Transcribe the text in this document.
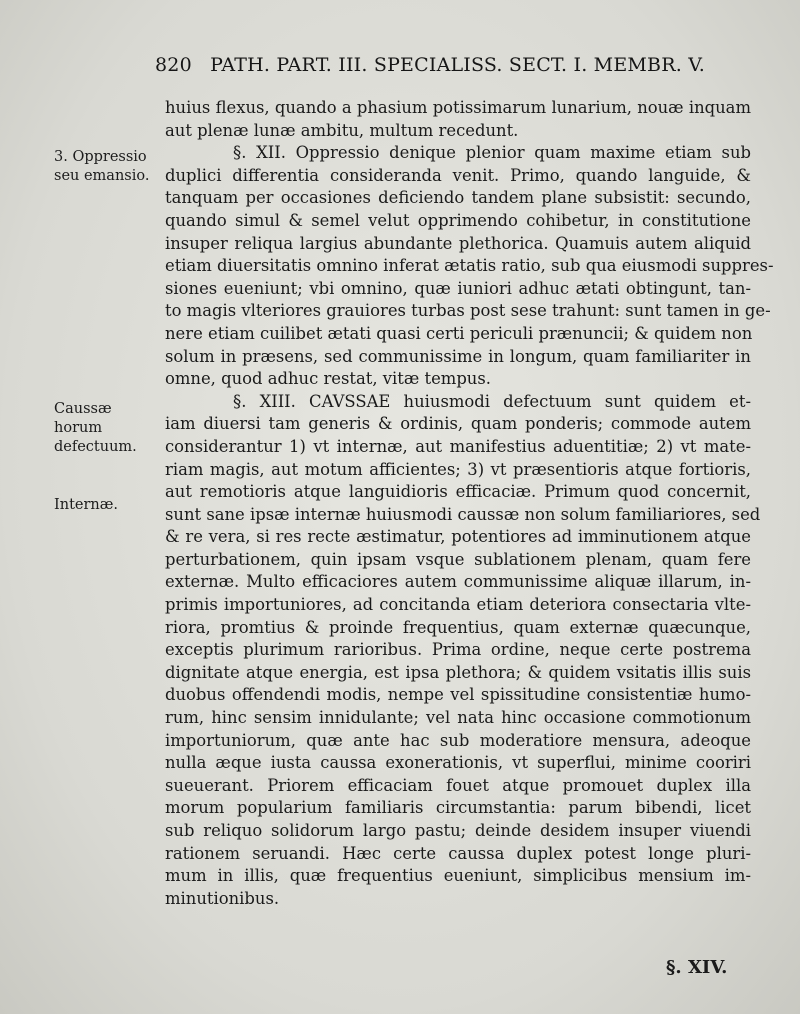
820 PATH. PART. III. SPECIALISS. SECT. I. MEMBR. V.
3. Oppressio
seu emansio.
Caussæ horum
defectuum.
Internæ.
huius flexus, quando a phasium potissimarum lunarium, nouæ inquam
aut plenæ lunæ ambitu, multum recedunt.
§. XII. Oppressio denique plenior quam maxime etiam sub
duplici differentia consideranda venit. Primo, quando languide, &
tanquam per occasiones deficiendo tandem plane subsistit: secundo,
quando simul & semel velut opprimendo cohibetur, in constitutione
insuper reliqua largius abundante plethorica. Quamuis autem aliquid
etiam diuersitatis omnino inferat ætatis ratio, sub qua eiusmodi suppres-
siones eueniunt; vbi omnino, quæ iuniori adhuc ætati obtingunt, tan-
to magis vlteriores grauiores turbas post sese trahunt: sunt tamen in ge-
nere etiam cuilibet ætati quasi certi periculi prænuncii; & quidem non
solum in præsens, sed communissime in longum, quam familiariter in
omne, quod adhuc restat, vitæ tempus.
§. XIII. CAVSSAE huiusmodi defectuum sunt quidem et-
iam diuersi tam generis & ordinis, quam ponderis; commode autem
considerantur 1) vt internæ, aut manifestius aduentitiæ; 2) vt mate-
riam magis, aut motum afficientes; 3) vt præsentioris atque fortioris,
aut remotioris atque languidioris efficaciæ. Primum quod concernit,
sunt sane ipsæ internæ huiusmodi caussæ non solum familiariores, sed
& re vera, si res recte æstimatur, potentiores ad imminutionem atque
perturbationem, quin ipsam vsque sublationem plenam, quam fere
externæ. Multo efficaciores autem communissime aliquæ illarum, in-
primis importuniores, ad concitanda etiam deteriora consectaria vlte-
riora, promtius & proinde frequentius, quam externæ quæcunque,
exceptis plurimum rarioribus. Prima ordine, neque certe postrema
dignitate atque energia, est ipsa plethora; & quidem vsitatis illis suis
duobus offendendi modis, nempe vel spissitudine consistentiæ humo-
rum, hinc sensim innidulante; vel nata hinc occasione commotionum
importuniorum, quæ ante hac sub moderatiore mensura, adeoque
nulla æque iusta caussa exonerationis, vt superflui, minime cooriri
sueuerant. Priorem efficaciam fouet atque promouet duplex illa
morum popularium familiaris circumstantia: parum bibendi, licet
sub reliquo solidorum largo pastu; deinde desidem insuper viuendi
rationem seruandi. Hæc certe caussa duplex potest longe pluri-
mum in illis, quæ frequentius eueniunt, simplicibus mensium im-
minutionibus.
§. XIV.
